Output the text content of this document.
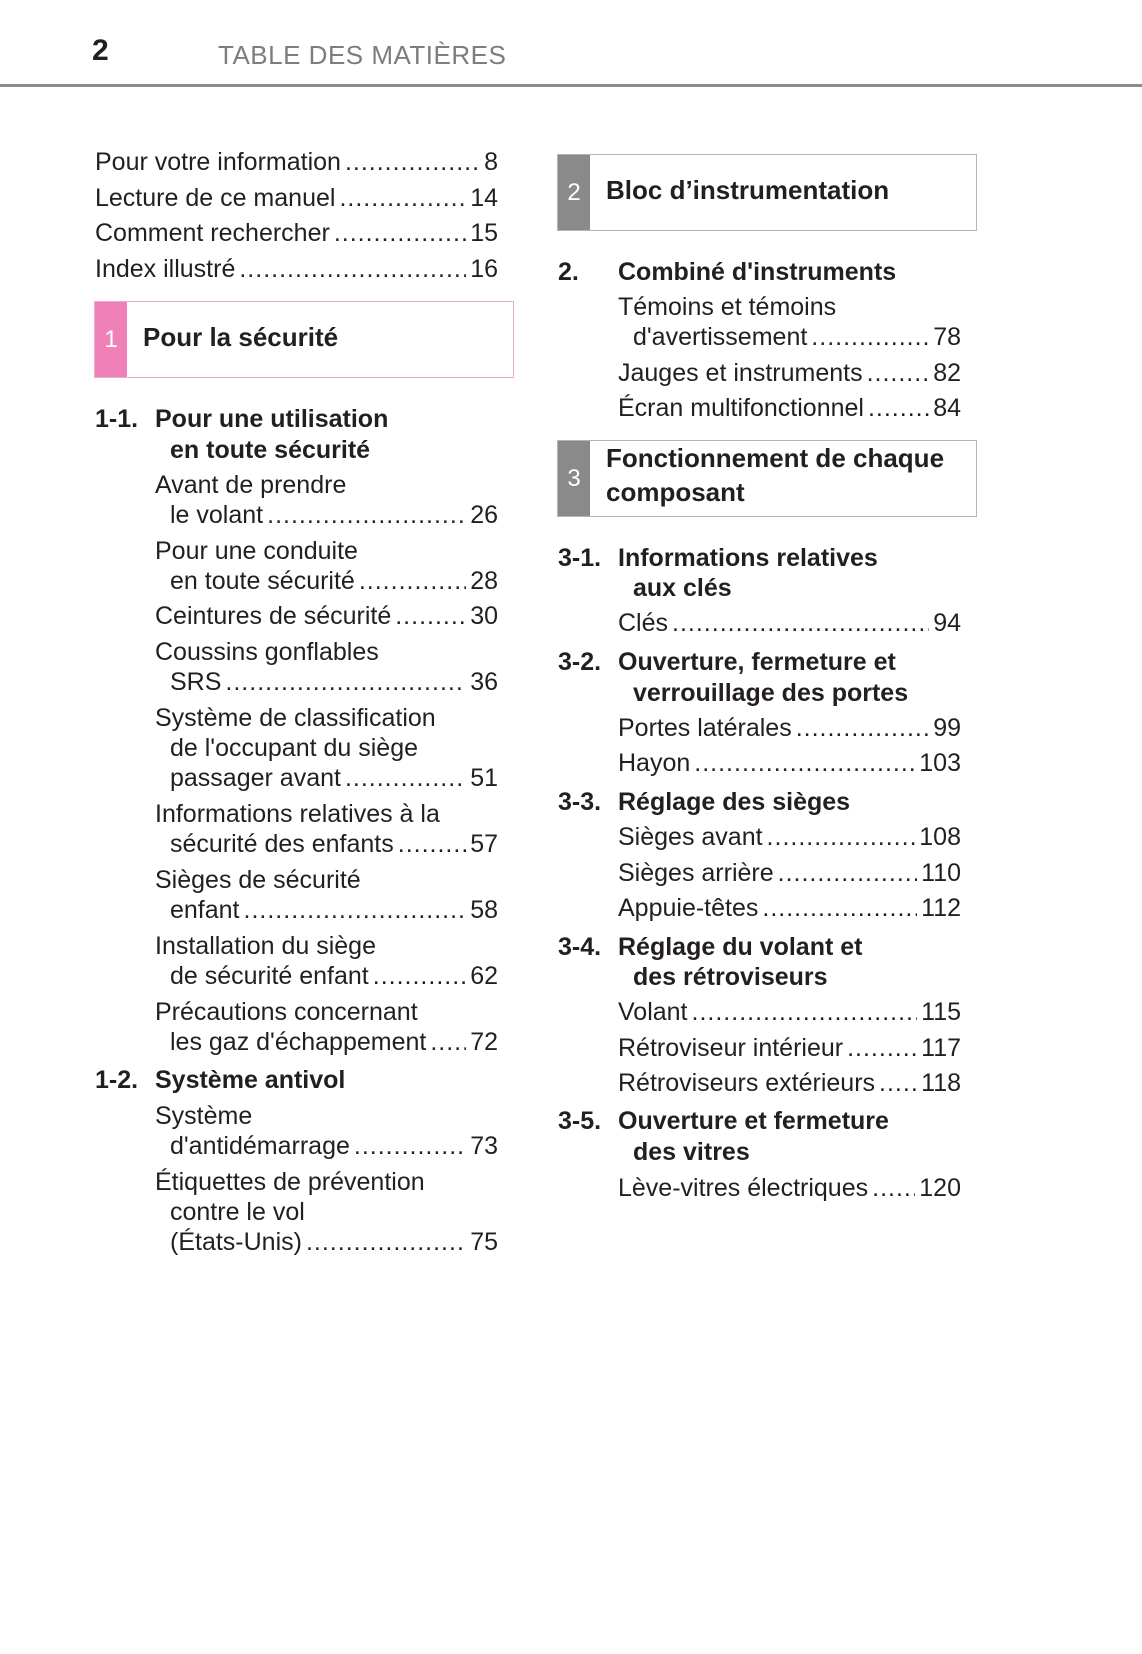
2	TABLE DES MATIÈRES
Pour votre information .....	8
Lecture de ce manuel .....	14
Comment rechercher .....	15
Index illustré .....	16
1 Pour la sécurité
1-1. Pour une utilisation
en toute sécurité
Avant de prendre
le volant .....	26
Pour une conduite
en toute sécurité .....	28
Ceintures de sécurité .....	30
Coussins gonflables
SRS .....	36
Système de classification
de l'occupant du siège
passager avant .....	51
Informations relatives à la
sécurité des enfants .....	57
Sièges de sécurité
enfant .....	58
Installation du siège
de sécurité enfant .....	62
Précautions concernant
les gaz d'échappement ..... 72
1-2. Système antivol
Système
d'antidémarrage .....	73
Étiquettes de prévention
contre le vol
(États-Unis) .....	75
2 Bloc d’instrumentation
2. Combiné d'instruments
Témoins et témoins
d'avertissement .....	78
Jauges et instruments .....	82
Écran multifonctionnel .....	84
3
Fonctionnement de chaque
composant
3-1. Informations relatives
aux clés
Clés .....	94
3-2. Ouverture, fermeture et
verrouillage des portes
Portes latérales .....	99
Hayon .....	103
3-3. Réglage des sièges
Sièges avant .....	108
Sièges arrière .....	110
Appuie-têtes .....	112
3-4. Réglage du volant et
des rétroviseurs
Volant .....	115
Rétroviseur intérieur .....	117
Rétroviseurs extérieurs ..... 118
3-5. Ouverture et fermeture
des vitres
Lève-vitres électriques ..... 120
